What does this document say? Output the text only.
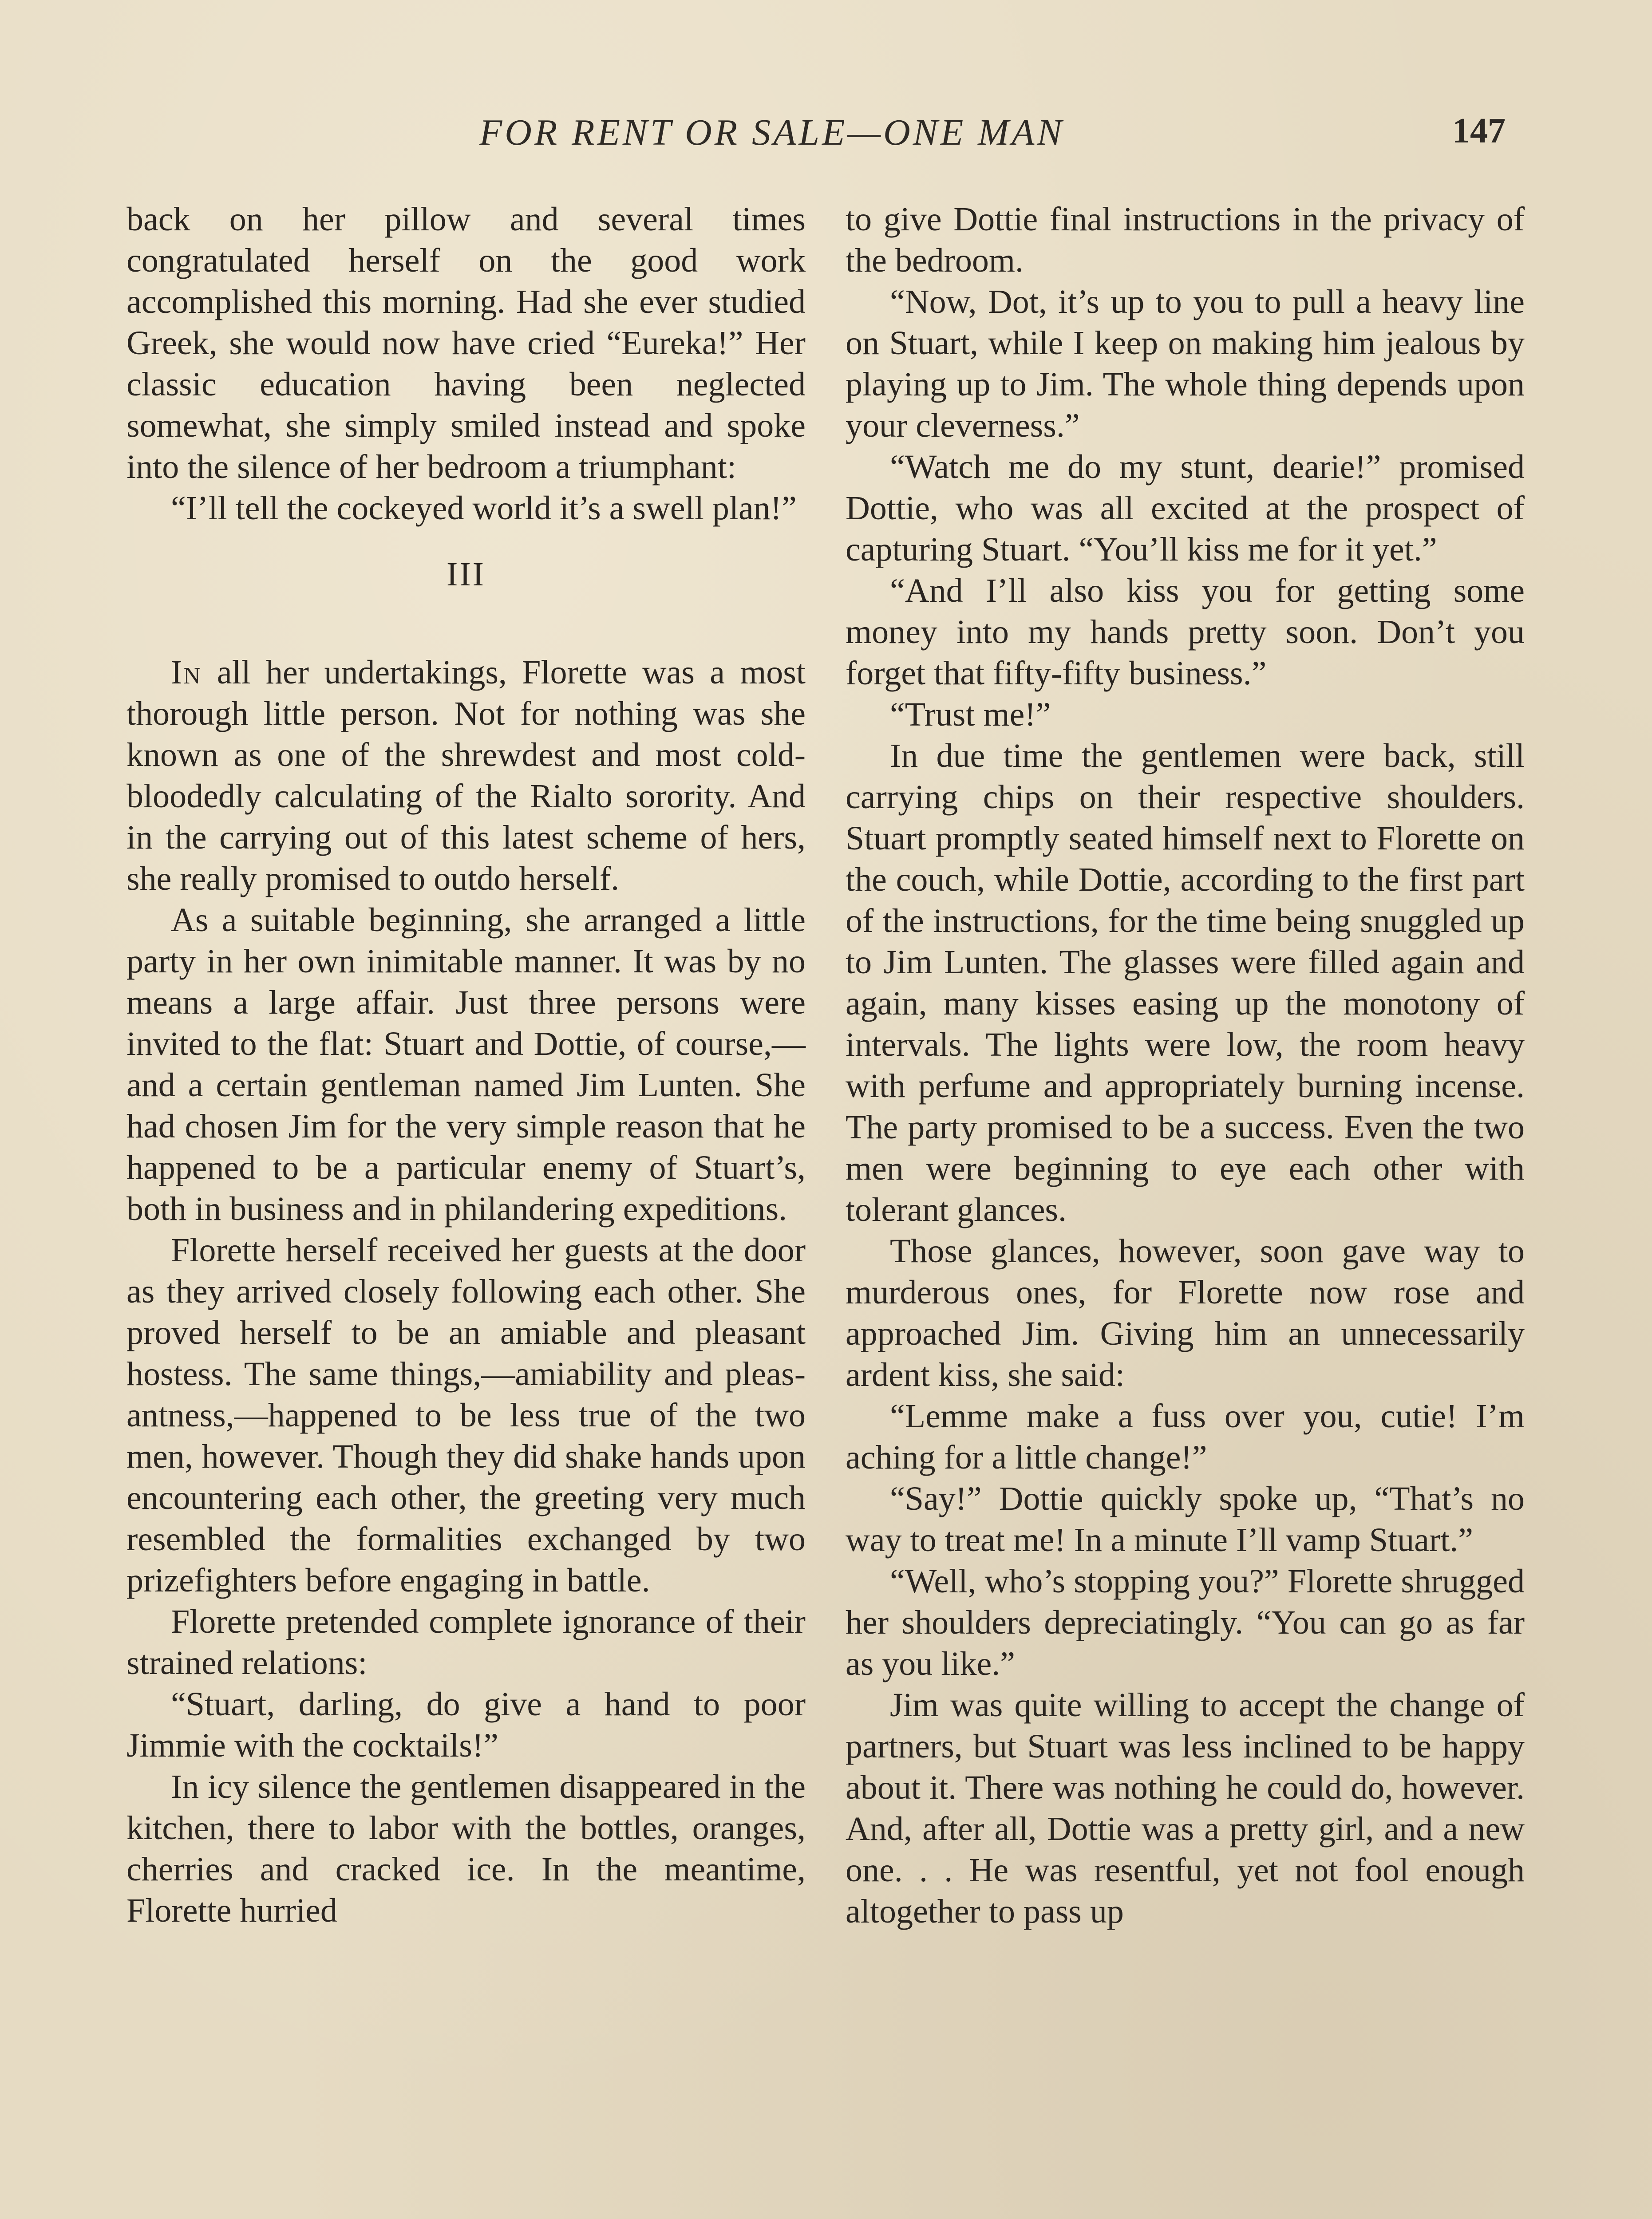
FOR RENT OR SALE—ONE MAN	147

back on her pillow and several times congratulated herself on the good work accomplished this morning. Had she ever studied Greek, she would now have cried “Eureka!” Her classic education having been neglected somewhat, she simply smiled instead and spoke into the silence of her bedroom a triumphant:

“I’ll tell the cockeyed world it’s a swell plan!”

III

In all her undertakings, Florette was a most thorough little person. Not for nothing was she known as one of the shrewdest and most cold-bloodedly calculating of the Rialto sorority. And in the carrying out of this latest scheme of hers, she really promised to outdo herself.

As a suitable beginning, she arranged a little party in her own inimitable manner. It was by no means a large affair. Just three persons were invited to the flat: Stuart and Dottie, of course,—and a certain gentleman named Jim Lunten. She had chosen Jim for the very simple reason that he happened to be a particular enemy of Stuart’s, both in business and in philandering expeditions.

Florette herself received her guests at the door as they arrived closely following each other. She proved herself to be an amiable and pleasant hostess. The same things,—amiability and pleasantness,—happened to be less true of the two men, however. Though they did shake hands upon encountering each other, the greeting very much resembled the formalities exchanged by two prizefighters before engaging in battle.

Florette pretended complete ignorance of their strained relations:

“Stuart, darling, do give a hand to poor Jimmie with the cocktails!”

In icy silence the gentlemen disappeared in the kitchen, there to labor with the bottles, oranges, cherries and cracked ice. In the meantime, Florette hurried

to give Dottie final instructions in the privacy of the bedroom.

“Now, Dot, it’s up to you to pull a heavy line on Stuart, while I keep on making him jealous by playing up to Jim. The whole thing depends upon your cleverness.”

“Watch me do my stunt, dearie!” promised Dottie, who was all excited at the prospect of capturing Stuart. “You’ll kiss me for it yet.”

“And I’ll also kiss you for getting some money into my hands pretty soon. Don’t you forget that fifty-fifty business.”

“Trust me!”

In due time the gentlemen were back, still carrying chips on their respective shoulders. Stuart promptly seated himself next to Florette on the couch, while Dottie, according to the first part of the instructions, for the time being snuggled up to Jim Lunten. The glasses were filled again and again, many kisses easing up the monotony of intervals. The lights were low, the room heavy with perfume and appropriately burning incense. The party promised to be a success. Even the two men were beginning to eye each other with tolerant glances.

Those glances, however, soon gave way to murderous ones, for Florette now rose and approached Jim. Giving him an unnecessarily ardent kiss, she said:

“Lemme make a fuss over you, cutie! I’m aching for a little change!”

“Say!” Dottie quickly spoke up, “That’s no way to treat me! In a minute I’ll vamp Stuart.”

“Well, who’s stopping you?” Florette shrugged her shoulders depreciatingly. “You can go as far as you like.”

Jim was quite willing to accept the change of partners, but Stuart was less inclined to be happy about it. There was nothing he could do, however. And, after all, Dottie was a pretty girl, and a new one. . . He was resentful, yet not fool enough altogether to pass up
